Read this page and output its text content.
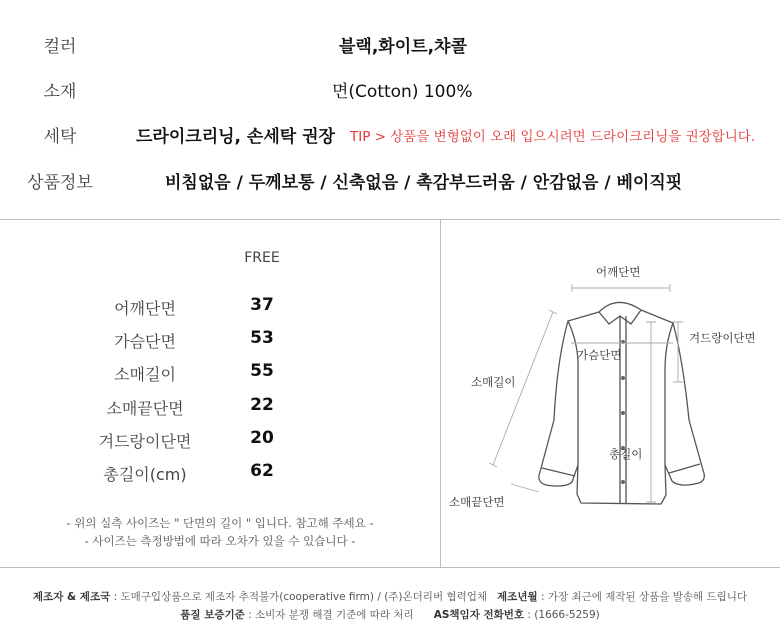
컬러	블랙,화이트,챠콜
소재	면(Cotton) 100%
세탁	드라이크리닝, 손세탁 권장 TIP > 상품을 변형없이 오래 입으시려면 드라이크리닝을 권장합니다.
상품정보	비침없음 / 두께보통 / 신축없음 / 촉감부드러움 / 안감없음 / 베이직핏
FREE
어깨단면	37
가슴단면	53
소매길이	55
소매끝단면	22
겨드랑이단면	20
총길이(cm)	62
- 위의 실측 사이즈는 " 단면의 길이 " 입니다. 참고해 주세요 -
- 사이즈는 측정방법에 따라 오차가 있을 수 있습니다 -
어깨단면
겨드랑이단면
가슴단면
소매길이
총길이
소매끝단면
제조자 & 제조국 : 도매구입상품으로 제조자 추적불가(cooperative firm) / (주)온더리버 협력업체 제조년월 : 가장 최근에 제작된 상품을 발송해 드립니다
품질 보증기준 : 소비자 분쟁 해결 기준에 따라 처리 AS책임자 전화번호 : (1666-5259)
